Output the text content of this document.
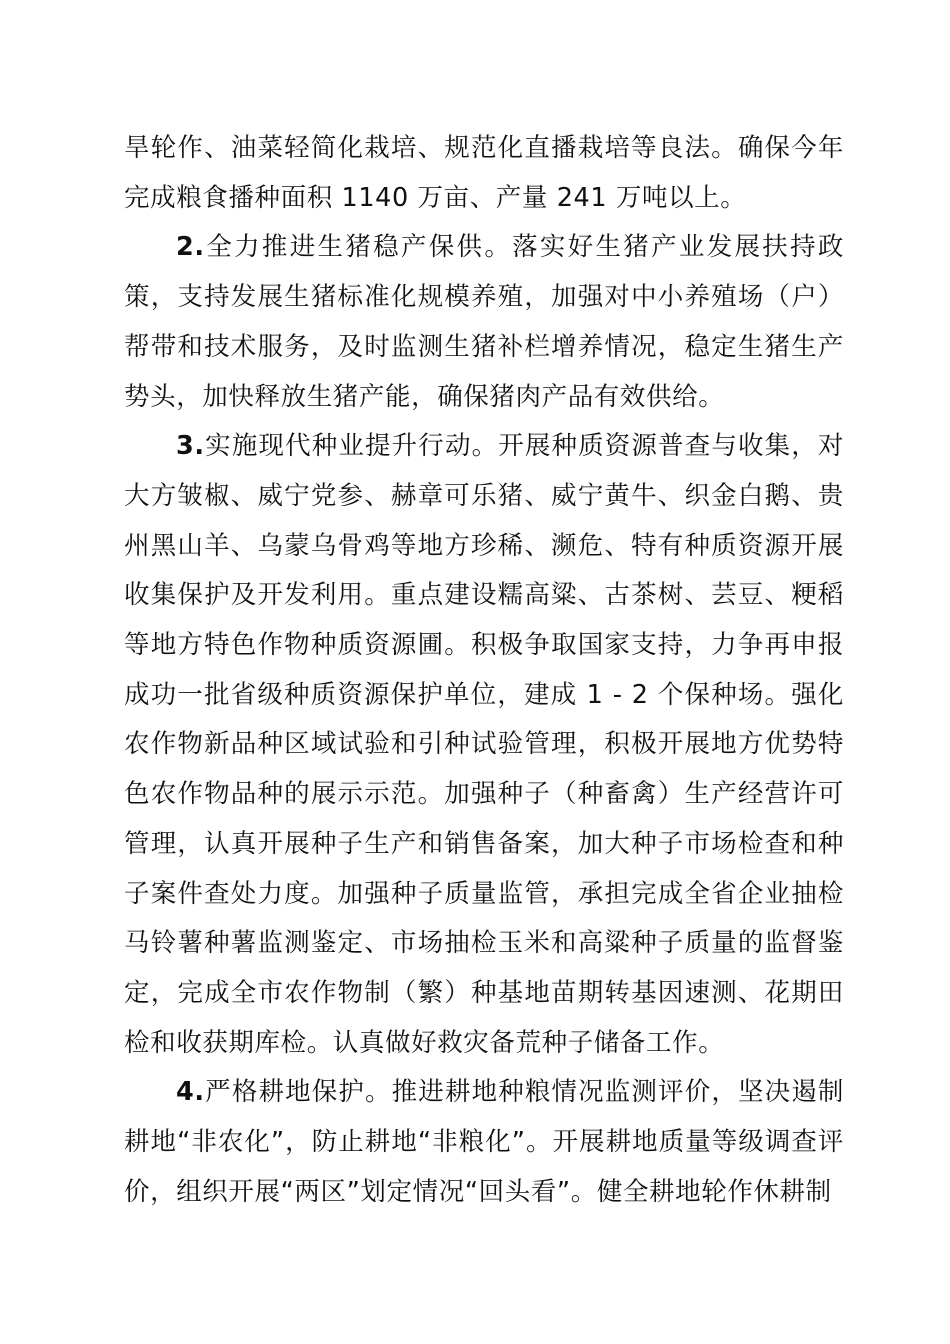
旱轮作、油菜轻简化栽培、规范化直播栽培等良法。确保今年完成粮食播种面积 1140 万亩、产量 241 万吨以上。

2.全力推进生猪稳产保供。落实好生猪产业发展扶持政策，支持发展生猪标准化规模养殖，加强对中小养殖场（户）帮带和技术服务，及时监测生猪补栏增养情况，稳定生猪生产势头，加快释放生猪产能，确保猪肉产品有效供给。

3.实施现代种业提升行动。开展种质资源普查与收集，对大方皱椒、威宁党参、赫章可乐猪、威宁黄牛、织金白鹅、贵州黑山羊、乌蒙乌骨鸡等地方珍稀、濒危、特有种质资源开展收集保护及开发利用。重点建设糯高粱、古茶树、芸豆、粳稻等地方特色作物种质资源圃。积极争取国家支持，力争再申报成功一批省级种质资源保护单位，建成 1 - 2 个保种场。强化农作物新品种区域试验和引种试验管理，积极开展地方优势特色农作物品种的展示示范。加强种子（种畜禽）生产经营许可管理，认真开展种子生产和销售备案，加大种子市场检查和种子案件查处力度。加强种子质量监管，承担完成全省企业抽检马铃薯种薯监测鉴定、市场抽检玉米和高粱种子质量的监督鉴定，完成全市农作物制（繁）种基地苗期转基因速测、花期田检和收获期库检。认真做好救灾备荒种子储备工作。

4.严格耕地保护。推进耕地种粮情况监测评价，坚决遏制耕地“非农化”，防止耕地“非粮化”。开展耕地质量等级调查评价，组织开展“两区”划定情况“回头看”。健全耕地轮作休耕制
